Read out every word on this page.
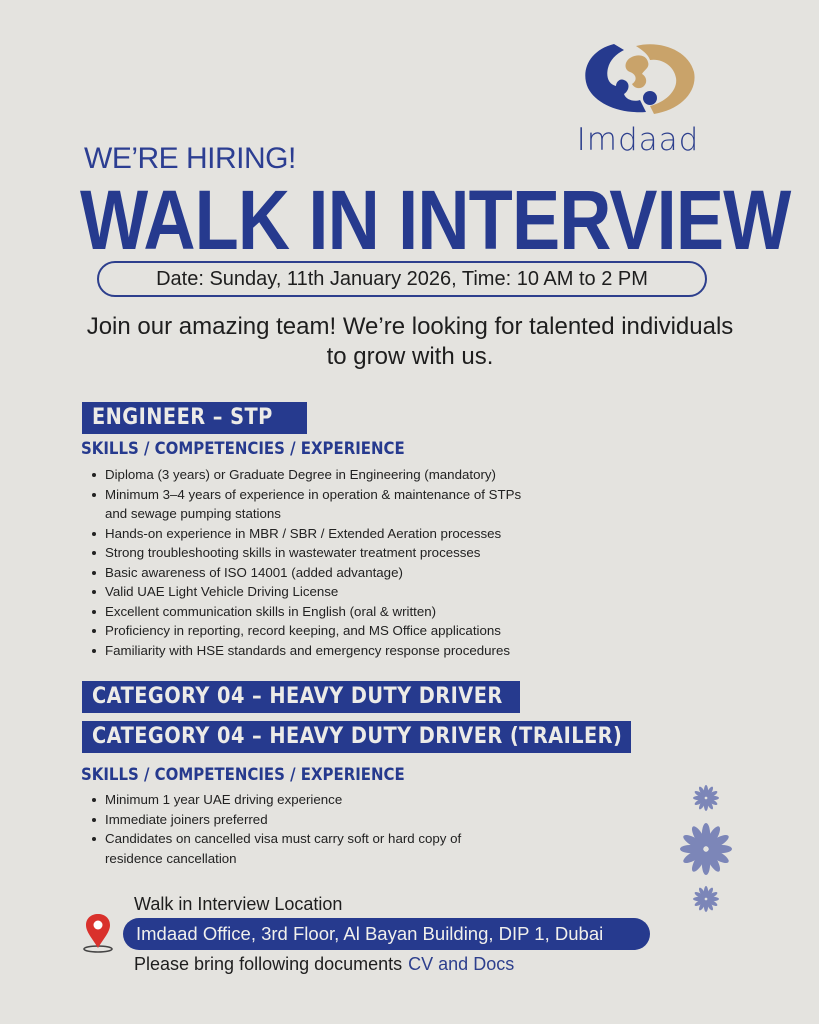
Imdaad
WE’RE HIRING!
WALK IN INTERVIEW
Date: Sunday, 11th January 2026, Time: 10 AM to 2 PM
Join our amazing team! We’re looking for talented individuals to grow with us.
ENGINEER – STP
SKILLS / COMPETENCIES / EXPERIENCE
Diploma (3 years) or Graduate Degree in Engineering (mandatory)
Minimum 3–4 years of experience in operation & maintenance of STPs and sewage pumping stations
Hands-on experience in MBR / SBR / Extended Aeration processes
Strong troubleshooting skills in wastewater treatment processes
Basic awareness of ISO 14001 (added advantage)
Valid UAE Light Vehicle Driving License
Excellent communication skills in English (oral & written)
Proficiency in reporting, record keeping, and MS Office applications
Familiarity with HSE standards and emergency response procedures
CATEGORY 04 – HEAVY DUTY DRIVER
CATEGORY 04 – HEAVY DUTY DRIVER (TRAILER)
SKILLS / COMPETENCIES / EXPERIENCE
Minimum 1 year UAE driving experience
Immediate joiners preferred
Candidates on cancelled visa must carry soft or hard copy of residence cancellation
Walk in Interview Location
Imdaad Office, 3rd Floor, Al Bayan Building, DIP 1, Dubai
Please bring following documents CV and Docs
